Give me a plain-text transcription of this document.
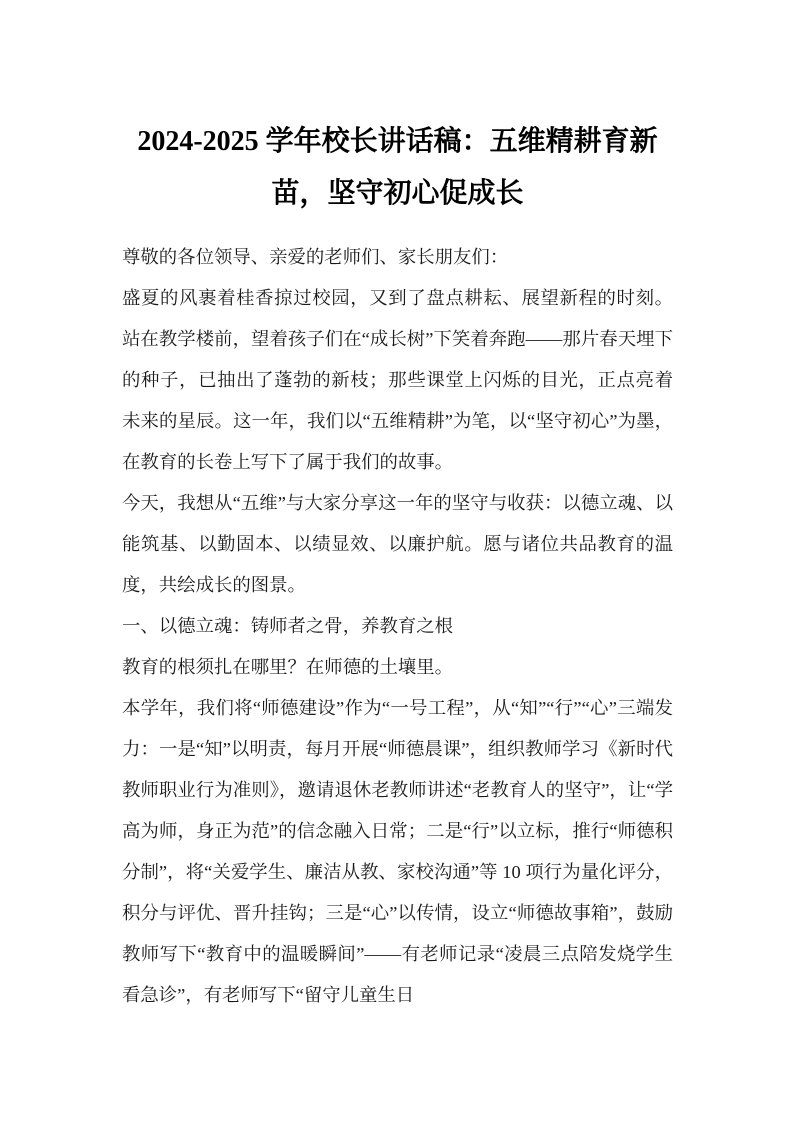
2024-2025 学年校长讲话稿：五维精耕育新苗，坚守初心促成长

尊敬的各位领导、亲爱的老师们、家长朋友们：

盛夏的风裹着桂香掠过校园，又到了盘点耕耘、展望新程的时刻。站在教学楼前，望着孩子们在“成长树”下笑着奔跑——那片春天埋下的种子，已抽出了蓬勃的新枝；那些课堂上闪烁的目光，正点亮着未来的星辰。这一年，我们以“五维精耕”为笔，以“坚守初心”为墨，在教育的长卷上写下了属于我们的故事。

今天，我想从“五维”与大家分享这一年的坚守与收获：以德立魂、以能筑基、以勤固本、以绩显效、以廉护航。愿与诸位共品教育的温度，共绘成长的图景。

一、以德立魂：铸师者之骨，养教育之根

教育的根须扎在哪里？在师德的土壤里。

本学年，我们将“师德建设”作为“一号工程”，从“知”“行”“心”三端发力：一是“知”以明责，每月开展“师德晨课”，组织教师学习《新时代教师职业行为准则》，邀请退休老教师讲述“老教育人的坚守”，让“学高为师，身正为范”的信念融入日常；二是“行”以立标，推行“师德积分制”，将“关爱学生、廉洁从教、家校沟通”等 10 项行为量化评分，积分与评优、晋升挂钩；三是“心”以传情，设立“师德故事箱”，鼓励教师写下“教育中的温暖瞬间”——有老师记录“凌晨三点陪发烧学生看急诊”，有老师写下“留守儿童生日
